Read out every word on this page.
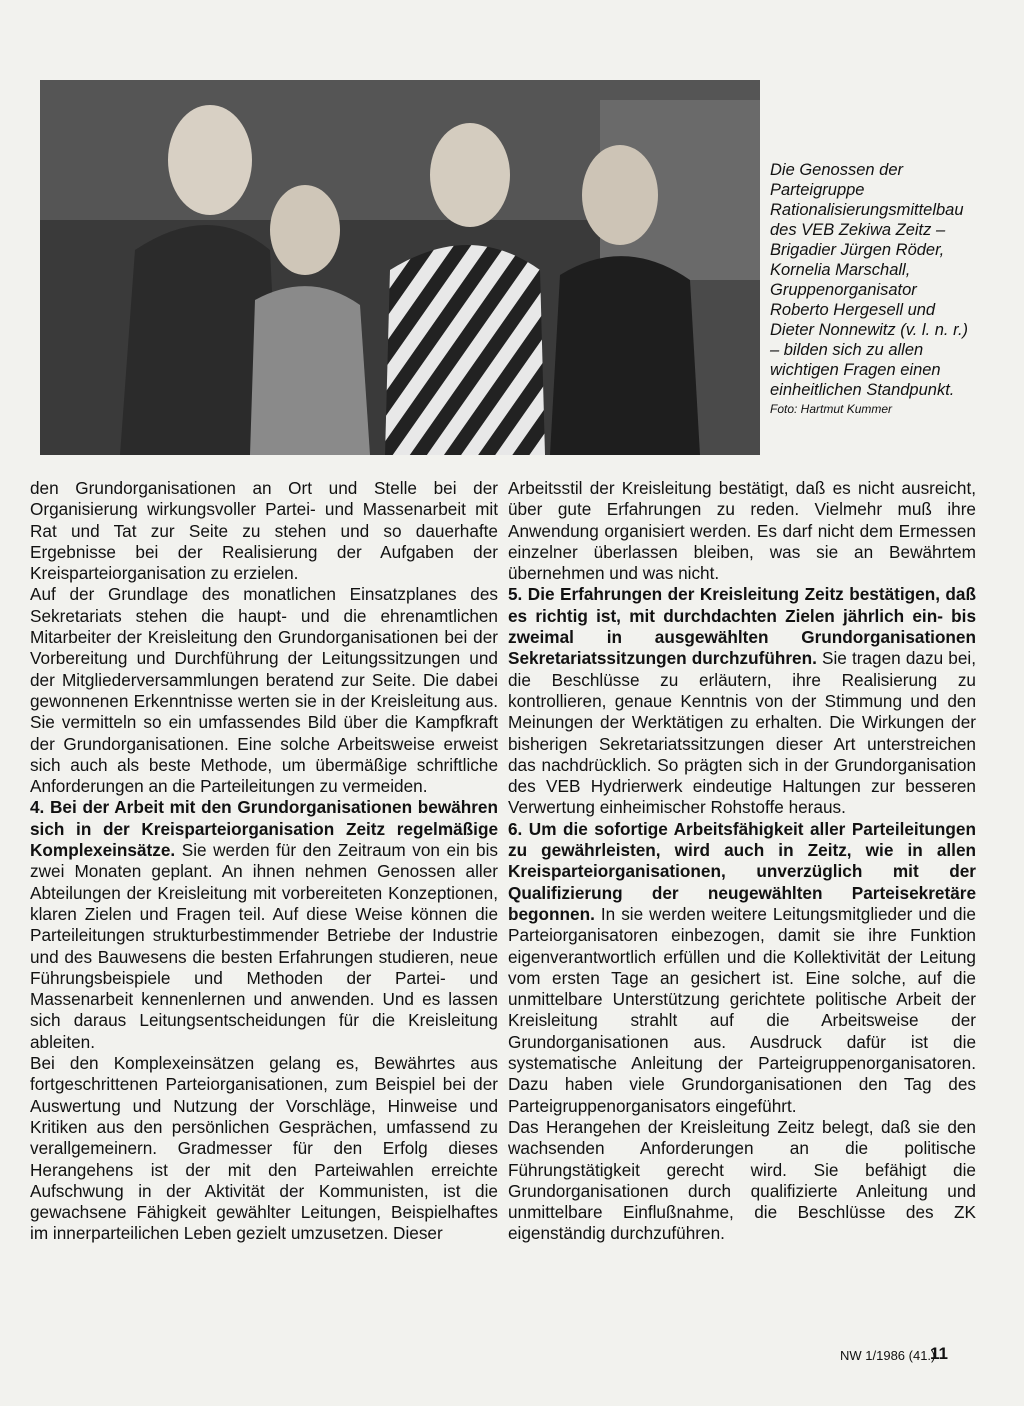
Die Genossen der Parteigruppe Rationalisierungsmittelbau des VEB Zekiwa Zeitz – Brigadier Jürgen Röder, Kornelia Marschall, Gruppenorganisator Roberto Hergesell und Dieter Nonnewitz (v. l. n. r.) – bilden sich zu allen wichtigen Fragen einen einheitlichen Standpunkt.
Foto: Hartmut Kummer

den Grundorganisationen an Ort und Stelle bei der Organisierung wirkungsvoller Partei- und Massenarbeit mit Rat und Tat zur Seite zu stehen und so dauerhafte Ergebnisse bei der Realisierung der Aufgaben der Kreisparteiorganisation zu erzielen.

Auf der Grundlage des monatlichen Einsatzplanes des Sekretariats stehen die haupt- und die ehrenamtlichen Mitarbeiter der Kreisleitung den Grundorganisationen bei der Vorbereitung und Durchführung der Leitungssitzungen und der Mitgliederversammlungen beratend zur Seite. Die dabei gewonnenen Erkenntnisse werten sie in der Kreisleitung aus. Sie vermitteln so ein umfassendes Bild über die Kampfkraft der Grundorganisationen. Eine solche Arbeitsweise erweist sich auch als beste Methode, um übermäßige schriftliche Anforderungen an die Parteileitungen zu vermeiden.

4. Bei der Arbeit mit den Grundorganisationen bewähren sich in der Kreisparteiorganisation Zeitz regelmäßige Komplexeinsätze. Sie werden für den Zeitraum von ein bis zwei Monaten geplant. An ihnen nehmen Genossen aller Abteilungen der Kreisleitung mit vorbereiteten Konzeptionen, klaren Zielen und Fragen teil. Auf diese Weise können die Parteileitungen strukturbestimmender Betriebe der Industrie und des Bauwesens die besten Erfahrungen studieren, neue Führungsbeispiele und Methoden der Partei- und Massenarbeit kennenlernen und anwenden. Und es lassen sich daraus Leitungsentscheidungen für die Kreisleitung ableiten.

Bei den Komplexeinsätzen gelang es, Bewährtes aus fortgeschrittenen Parteiorganisationen, zum Beispiel bei der Auswertung und Nutzung der Vorschläge, Hinweise und Kritiken aus den persönlichen Gesprächen, umfassend zu verallgemeinern. Gradmesser für den Erfolg dieses Herangehens ist der mit den Parteiwahlen erreichte Aufschwung in der Aktivität der Kommunisten, ist die gewachsene Fähigkeit gewählter Leitungen, Beispielhaftes im innerparteilichen Leben gezielt umzusetzen. Dieser

Arbeitsstil der Kreisleitung bestätigt, daß es nicht ausreicht, über gute Erfahrungen zu reden. Vielmehr muß ihre Anwendung organisiert werden. Es darf nicht dem Ermessen einzelner überlassen bleiben, was sie an Bewährtem übernehmen und was nicht.

5. Die Erfahrungen der Kreisleitung Zeitz bestätigen, daß es richtig ist, mit durchdachten Zielen jährlich ein- bis zweimal in ausgewählten Grundorganisationen Sekretariatssitzungen durchzuführen. Sie tragen dazu bei, die Beschlüsse zu erläutern, ihre Realisierung zu kontrollieren, genaue Kenntnis von der Stimmung und den Meinungen der Werktätigen zu erhalten. Die Wirkungen der bisherigen Sekretariatssitzungen dieser Art unterstreichen das nachdrücklich. So prägten sich in der Grundorganisation des VEB Hydrierwerk eindeutige Haltungen zur besseren Verwertung einheimischer Rohstoffe heraus.

6. Um die sofortige Arbeitsfähigkeit aller Parteileitungen zu gewährleisten, wird auch in Zeitz, wie in allen Kreisparteiorganisationen, unverzüglich mit der Qualifizierung der neugewählten Parteisekretäre begonnen. In sie werden weitere Leitungsmitglieder und die Parteiorganisatoren einbezogen, damit sie ihre Funktion eigenverantwortlich erfüllen und die Kollektivität der Leitung vom ersten Tage an gesichert ist. Eine solche, auf die unmittelbare Unterstützung gerichtete politische Arbeit der Kreisleitung strahlt auf die Arbeitsweise der Grundorganisationen aus. Ausdruck dafür ist die systematische Anleitung der Parteigruppenorganisatoren. Dazu haben viele Grundorganisationen den Tag des Parteigruppenorganisators eingeführt.

Das Herangehen der Kreisleitung Zeitz belegt, daß sie den wachsenden Anforderungen an die politische Führungstätigkeit gerecht wird. Sie befähigt die Grundorganisationen durch qualifizierte Anleitung und unmittelbare Einflußnahme, die Beschlüsse des ZK eigenständig durchzuführen.

NW 1/1986 (41.)
11
